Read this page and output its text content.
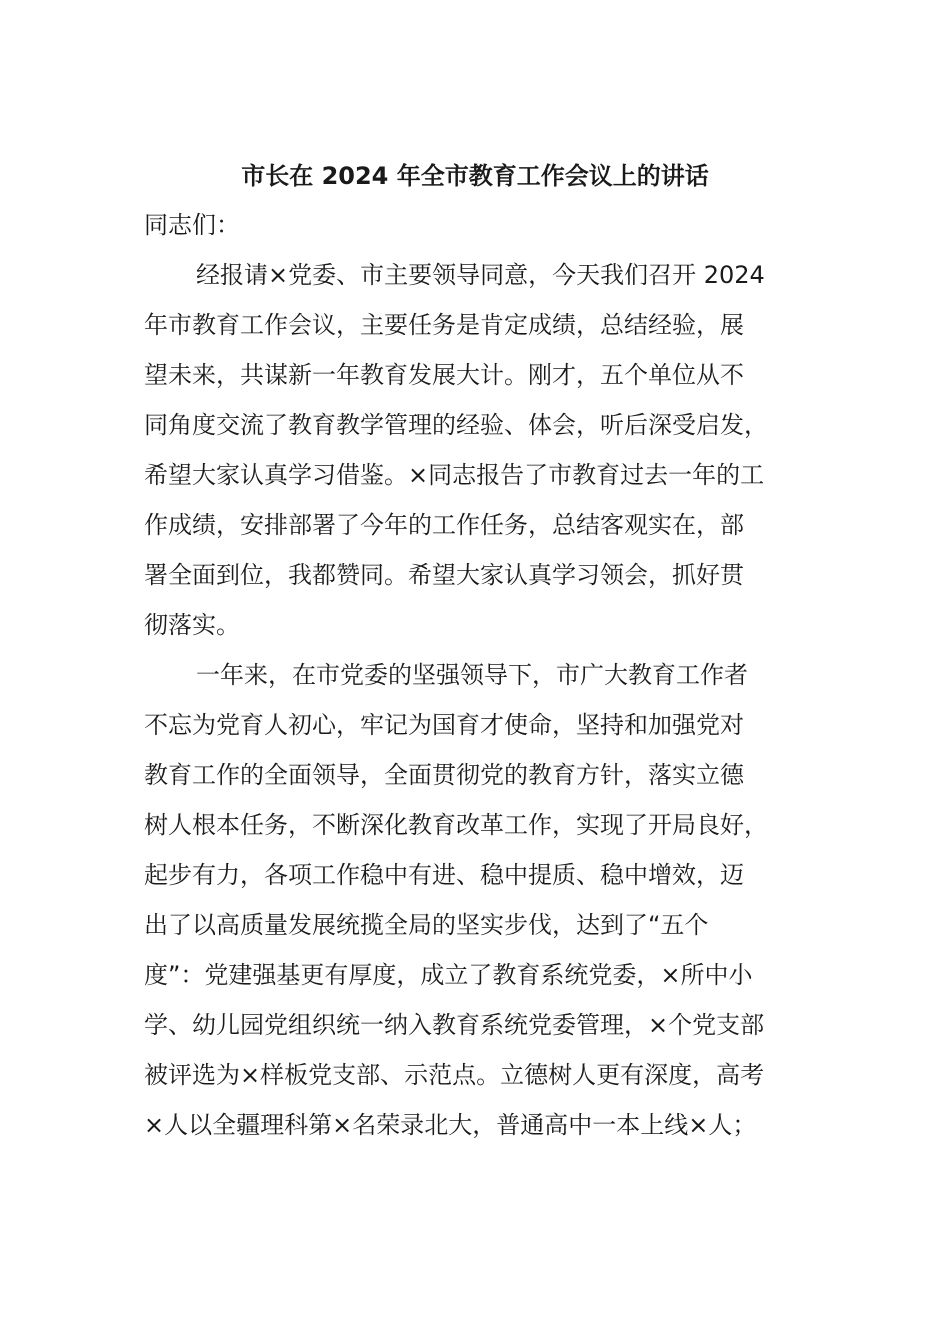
市长在 2024 年全市教育工作会议上的讲话
同志们：
经报请×党委、市主要领导同意，今天我们召开 2024
年市教育工作会议，主要任务是肯定成绩，总结经验，展
望未来，共谋新一年教育发展大计。刚才，五个单位从不
同角度交流了教育教学管理的经验、体会，听后深受启发，
希望大家认真学习借鉴。×同志报告了市教育过去一年的工
作成绩，安排部署了今年的工作任务，总结客观实在，部
署全面到位，我都赞同。希望大家认真学习领会，抓好贯
彻落实。
一年来，在市党委的坚强领导下，市广大教育工作者
不忘为党育人初心，牢记为国育才使命，坚持和加强党对
教育工作的全面领导，全面贯彻党的教育方针，落实立德
树人根本任务，不断深化教育改革工作，实现了开局良好，
起步有力，各项工作稳中有进、稳中提质、稳中增效，迈
出了以高质量发展统揽全局的坚实步伐，达到了“五个
度”：党建强基更有厚度，成立了教育系统党委，×所中小
学、幼儿园党组织统一纳入教育系统党委管理，×个党支部
被评选为×样板党支部、示范点。立德树人更有深度，高考
×人以全疆理科第×名荣录北大，普通高中一本上线×人；
